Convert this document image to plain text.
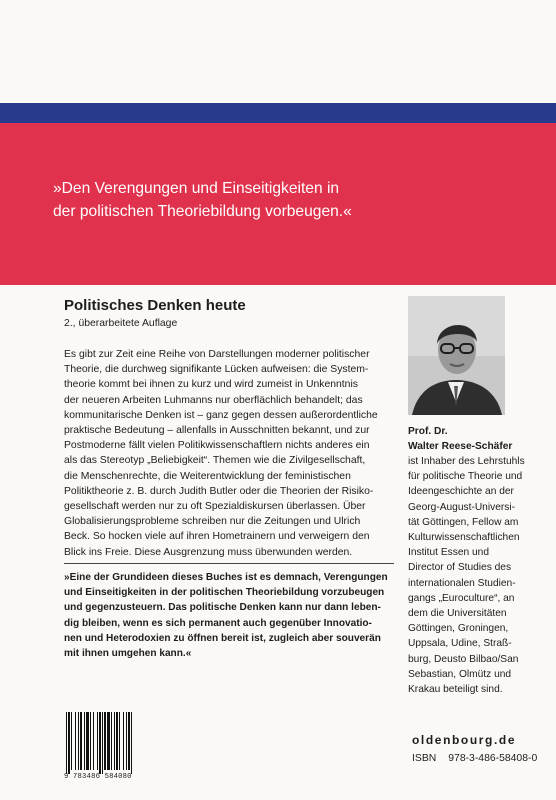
»Den Verengungen und Einseitigkeiten in
der politischen Theoriebildung vorbeugen.«

Politisches Denken heute

2., überarbeitete Auflage

Es gibt zur Zeit eine Reihe von Darstellungen moderner politischer
Theorie, die durchweg signifikante Lücken aufweisen: die System-
theorie kommt bei ihnen zu kurz und wird zumeist in Unkenntnis
der neueren Arbeiten Luhmanns nur oberflächlich behandelt; das
kommunitarische Denken ist – ganz gegen dessen außerordentliche
praktische Bedeutung – allenfalls in Ausschnitten bekannt, und zur
Postmoderne fällt vielen Politikwissenschaftlern nichts anderes ein
als das Stereotyp „Beliebigkeit“. Themen wie die Zivilgesellschaft,
die Menschenrechte, die Weiterentwicklung der feministischen
Politiktheorie z. B. durch Judith Butler oder die Theorien der Risiko-
gesellschaft werden nur zu oft Spezialdiskursen überlassen. Über
Globalisierungsprobleme schreiben nur die Zeitungen und Ulrich
Beck. So hocken viele auf ihren Hometrainern und verweigern den
Blick ins Freie. Diese Ausgrenzung muss überwunden werden.

»Eine der Grundideen dieses Buches ist es demnach, Verengungen
und Einseitigkeiten in der politischen Theoriebildung vorzubeugen
und gegenzusteuern. Das politische Denken kann nur dann leben-
dig bleiben, wenn es sich permanent auch gegenüber Innovatio-
nen und Heterodoxien zu öffnen bereit ist, zugleich aber souverän
mit ihnen umgehen kann.«

Prof. Dr.
Walter Reese-Schäfer

ist Inhaber des Lehrstuhls
für politische Theorie und
Ideengeschichte an der
Georg-August-Universi-
tät Göttingen, Fellow am
Kulturwissenschaftlichen
Institut Essen und
Director of Studies des
internationalen Studien-
gangs „Euroculture“, an
dem die Universitäten
Göttingen, Groningen,
Uppsala, Udine, Straß-
burg, Deusto Bilbao/San
Sebastian, Olmütz und
Krakau beteiligt sind.

9 783486 584080

oldenbourg.de

ISBN 978-3-486-58408-0
